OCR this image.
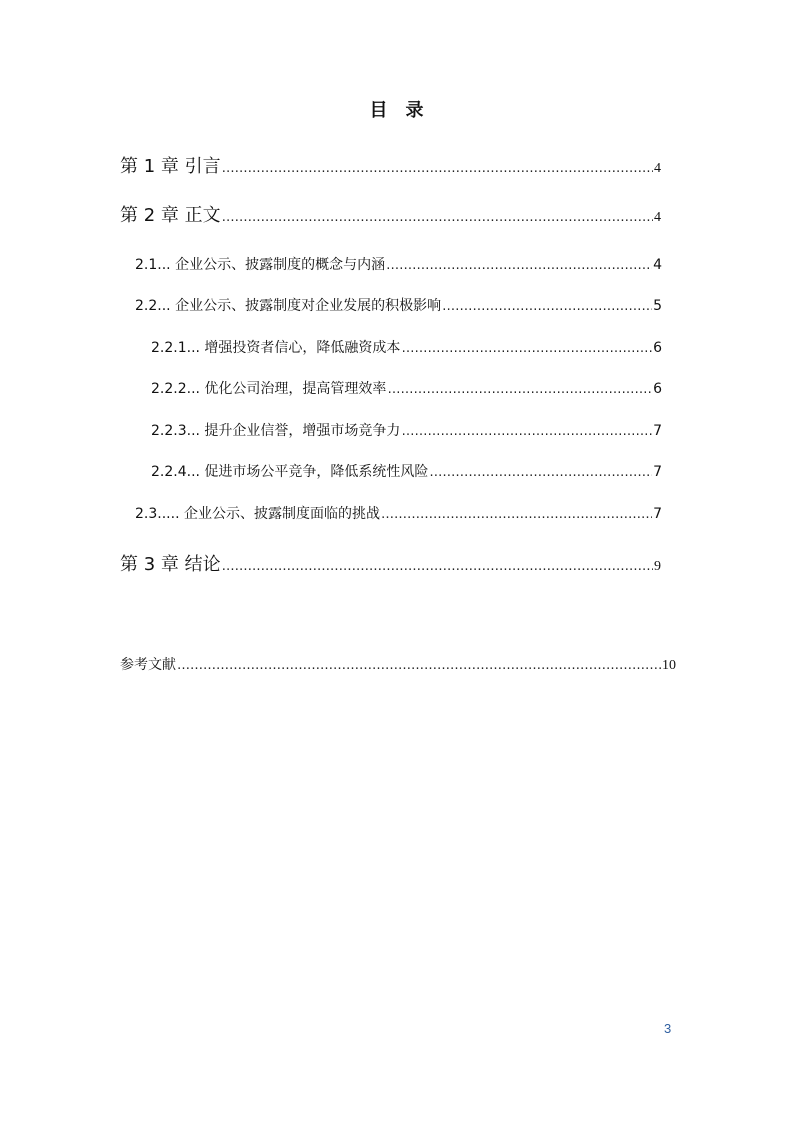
目 录
第 1 章 引言 …………………………………………………………………………………………………………………………………………………………………………………………………………	4
第 2 章 正文 …………………………………………………………………………………………………………………………………………………………………………………………………………	4
2.1... 企业公示、披露制度的概念与内涵 …………………………………………………………………………………………………………………………………………………………………………………………………………	4
2.2... 企业公示、披露制度对企业发展的积极影响 …………………………………………………………………………………………………………………………………………………………………………………………………………	5
2.2.1... 增强投资者信心，降低融资成本 …………………………………………………………………………………………………………………………………………………………………………………………………………	6
2.2.2... 优化公司治理，提高管理效率 …………………………………………………………………………………………………………………………………………………………………………………………………………	6
2.2.3... 提升企业信誉，增强市场竞争力 …………………………………………………………………………………………………………………………………………………………………………………………………………	7
2.2.4... 促进市场公平竞争，降低系统性风险 …………………………………………………………………………………………………………………………………………………………………………………………………………	7
2.3..... 企业公示、披露制度面临的挑战 …………………………………………………………………………………………………………………………………………………………………………………………………………	7
第 3 章 结论 …………………………………………………………………………………………………………………………………………………………………………………………………………	9
参考文献 …………………………………………………………………………………………………………………………………………………………………………………………………………	10
3
